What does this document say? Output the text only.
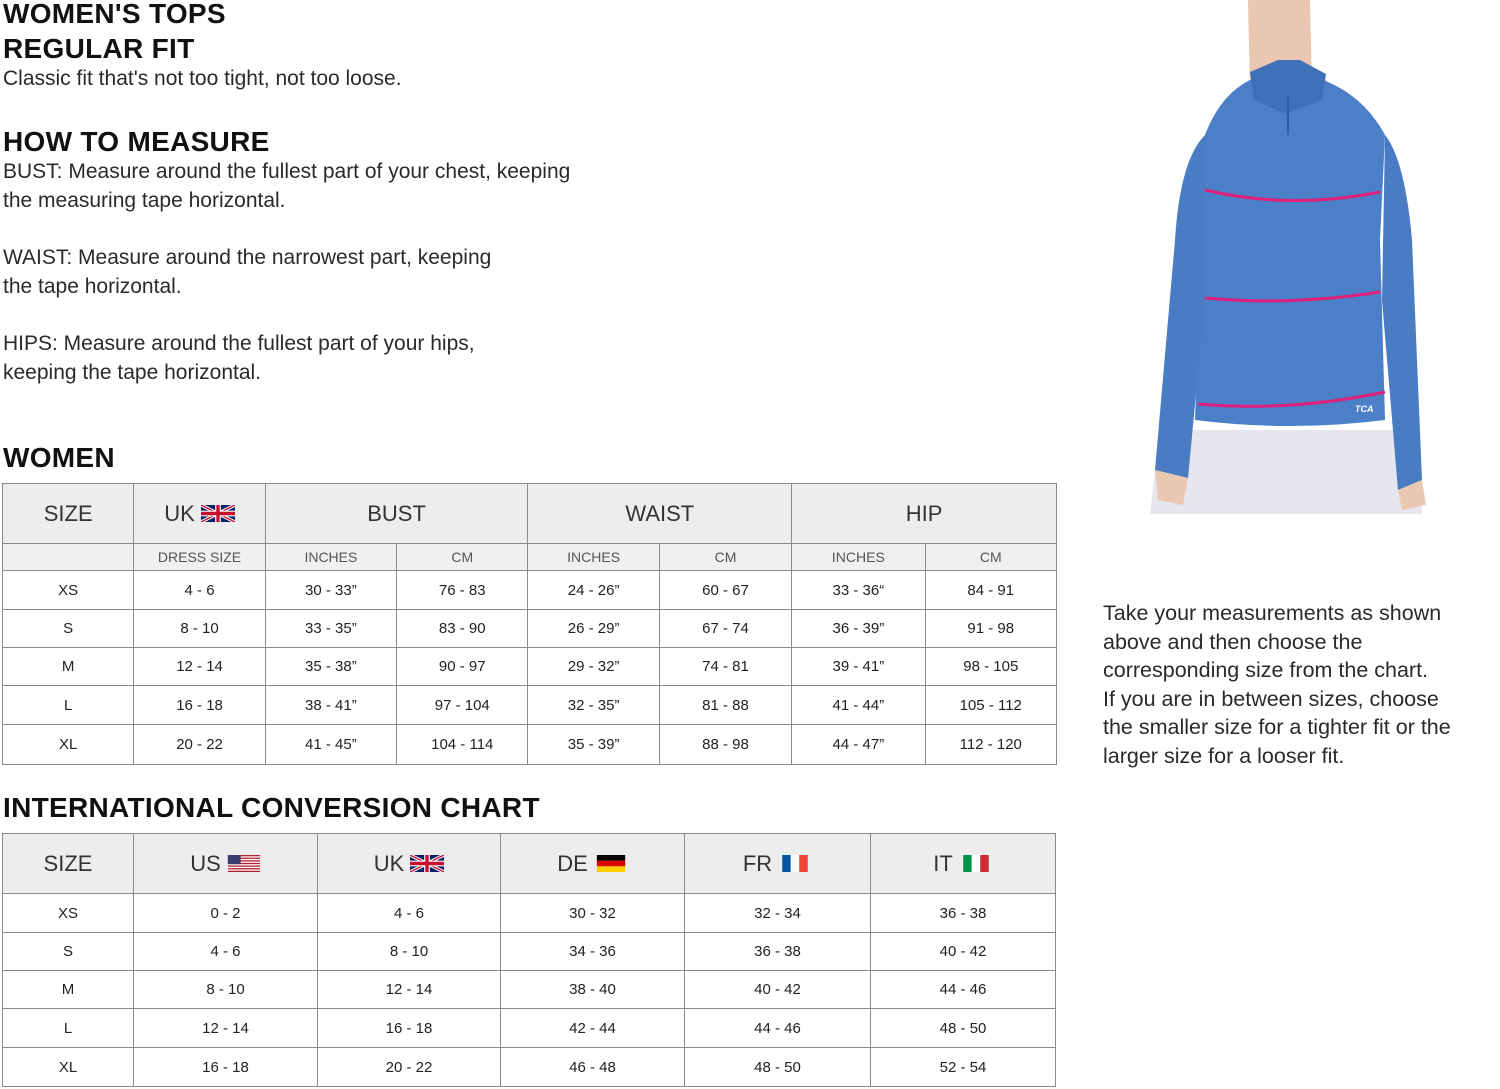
WOMEN'S TOPS
REGULAR FIT

Classic fit that's not too tight, not too loose.

HOW TO MEASURE

BUST: Measure around the fullest part of your chest, keeping
the measuring tape horizontal.

WAIST: Measure around the narrowest part, keeping
the tape horizontal.

HIPS: Measure around the fullest part of your hips,
keeping the tape horizontal.

WOMEN
SIZE	UK	BUST		WAIST		HIP	
	DRESS SIZE	INCHES	CM	INCHES	CM	INCHES	CM
XS	4 - 6	30 - 33”	76 - 83	24 - 26”	60 - 67	33 - 36“	84 - 91
S	8 - 10	33 - 35”	83 - 90	26 - 29”	67 - 74	36 - 39”	91 - 98
M	12 - 14	35 - 38”	90 - 97	29 - 32”	74 - 81	39 - 41”	98 - 105
L	16 - 18	38 - 41”	97 - 104	32 - 35”	81 - 88	41 - 44”	105 - 112
XL	20 - 22	41 - 45”	104 - 114	35 - 39”	88 - 98	44 - 47”	112 - 120
INTERNATIONAL CONVERSION CHART
SIZE	US	UK	DE	FR	IT

XS	0 - 2	4 - 6	30 - 32	32 - 34	36 - 38
S	4 - 6	8 - 10	34 - 36	36 - 38	40 - 42
M	8 - 10	12 - 14	38 - 40	40 - 42	44 - 46
L	12 - 14	16 - 18	42 - 44	44 - 46	48 - 50
XL	16 - 18	20 - 22	46 - 48	48 - 50	52 - 54
TCA

Take your measurements as shown
above and then choose the
corresponding size from the chart.
If you are in between sizes, choose
the smaller size for a tighter fit or the
larger size for a looser fit.
